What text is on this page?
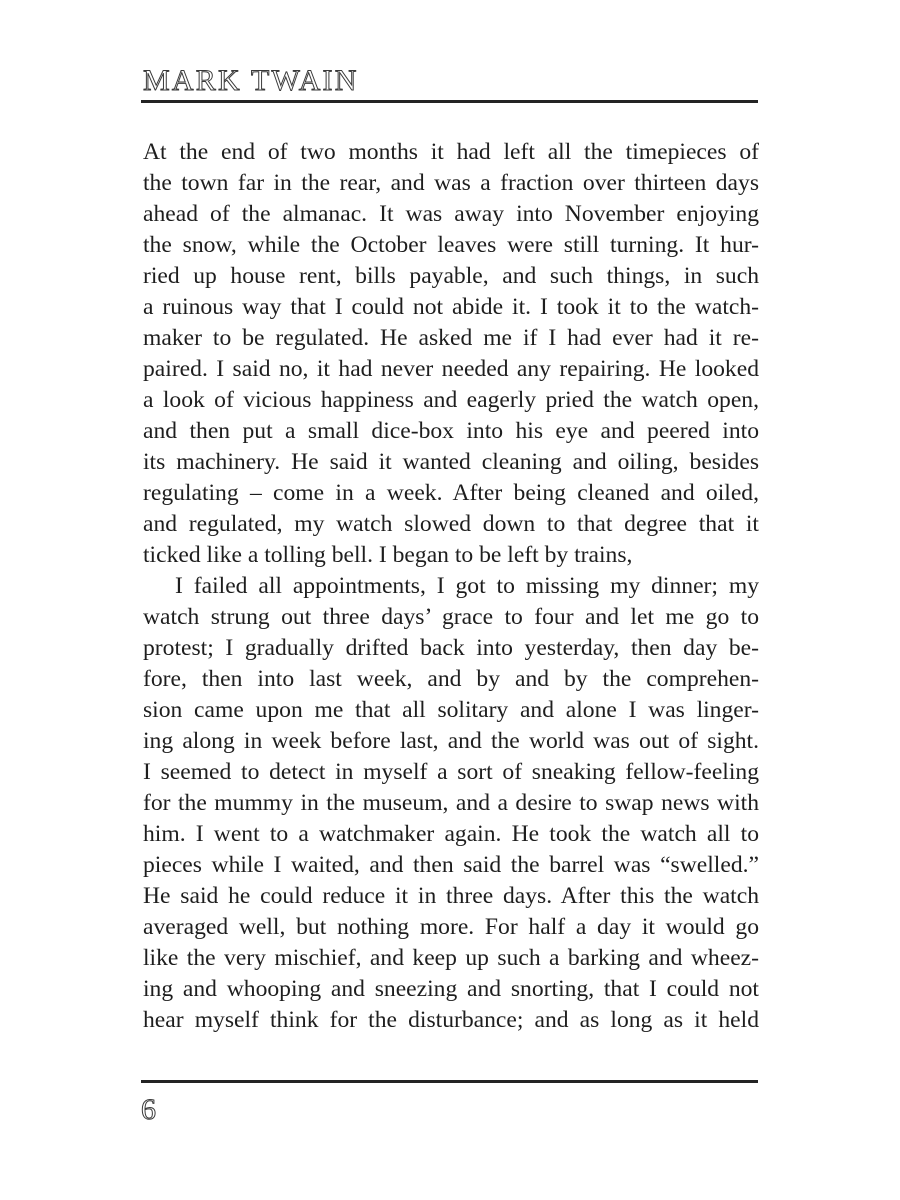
MARK TWAIN
At the end of two months it had left all the timepieces of
the town far in the rear, and was a fraction over thirteen days
ahead of the almanac. It was away into November enjoying
the snow, while the October leaves were still turning. It hur-
ried up house rent, bills payable, and such things, in such
a ruinous way that I could not abide it. I took it to the watch-
maker to be regulated. He asked me if I had ever had it re-
paired. I said no, it had never needed any repairing. He looked
a look of vicious happiness and eagerly pried the watch open,
and then put a small dice-box into his eye and peered into
its machinery. He said it wanted cleaning and oiling, besides
regulating – come in a week. After being cleaned and oiled,
and regulated, my watch slowed down to that degree that it
ticked like a tolling bell. I began to be left by trains,
I failed all appointments, I got to missing my dinner; my
watch strung out three days’ grace to four and let me go to
protest; I gradually drifted back into yesterday, then day be-
fore, then into last week, and by and by the comprehen-
sion came upon me that all solitary and alone I was linger-
ing along in week before last, and the world was out of sight.
I seemed to detect in myself a sort of sneaking fellow-feeling
for the mummy in the museum, and a desire to swap news with
him. I went to a watchmaker again. He took the watch all to
pieces while I waited, and then said the barrel was “swelled.”
He said he could reduce it in three days. After this the watch
averaged well, but nothing more. For half a day it would go
like the very mischief, and keep up such a barking and wheez-
ing and whooping and sneezing and snorting, that I could not
hear myself think for the disturbance; and as long as it held
6
